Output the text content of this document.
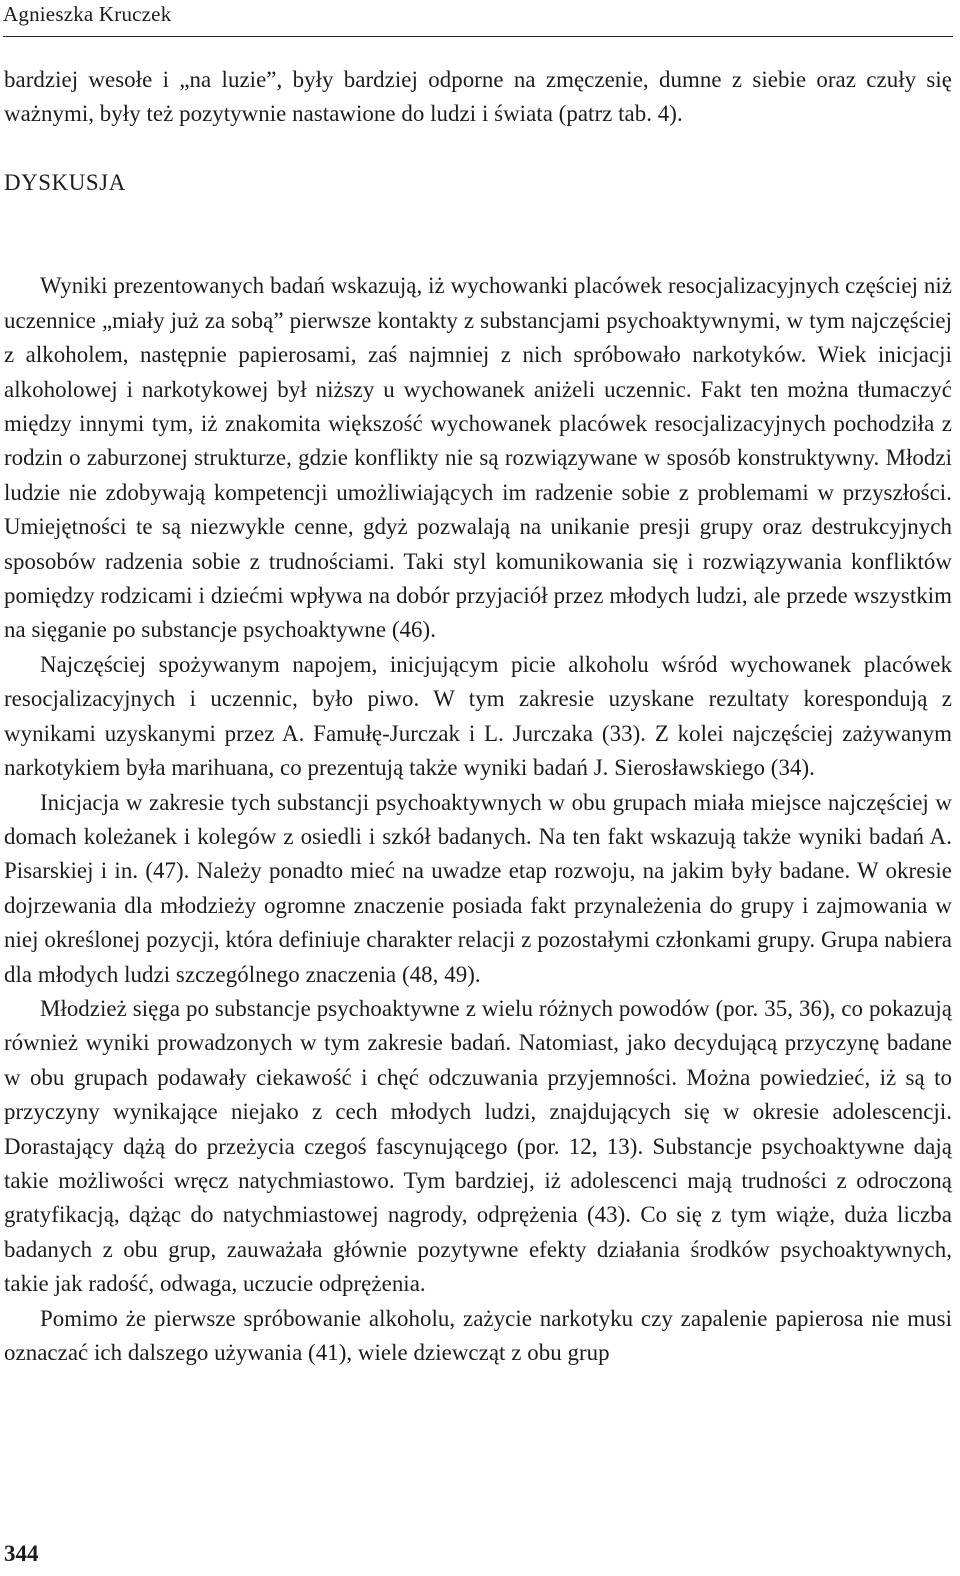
Agnieszka Kruczek

bardziej wesołe i „na luzie”, były bardziej odporne na zmęczenie, dumne z siebie oraz czuły się ważnymi, były też pozytywnie nastawione do ludzi i świata (patrz tab. 4).

DYSKUSJA

Wyniki prezentowanych badań wskazują, iż wychowanki placówek resocjalizacyjnych częściej niż uczennice „miały już za sobą” pierwsze kontakty z substancjami psychoaktywnymi, w tym najczęściej z alkoholem, następnie papierosami, zaś najmniej z nich spróbowało narkotyków. Wiek inicjacji alkoholowej i narkotykowej był niższy u wychowanek aniżeli uczennic. Fakt ten można tłumaczyć między innymi tym, iż znakomita większość wychowanek placówek resocjalizacyjnych pochodziła z rodzin o zaburzonej strukturze, gdzie konflikty nie są rozwiązywane w sposób konstruktywny. Młodzi ludzie nie zdobywają kompetencji umożliwiających im radzenie sobie z problemami w przyszłości. Umiejętności te są niezwykle cenne, gdyż pozwalają na unikanie presji grupy oraz destrukcyjnych sposobów radzenia sobie z trudnościami. Taki styl komunikowania się i rozwiązywania konfliktów pomiędzy rodzicami i dziećmi wpływa na dobór przyjaciół przez młodych ludzi, ale przede wszystkim na sięganie po substancje psychoaktywne (46).

Najczęściej spożywanym napojem, inicjującym picie alkoholu wśród wychowanek placówek resocjalizacyjnych i uczennic, było piwo. W tym zakresie uzyskane rezultaty korespondują z wynikami uzyskanymi przez A. Famułę-Jurczak i L. Jurczaka (33). Z kolei najczęściej zażywanym narkotykiem była marihuana, co prezentują także wyniki badań J. Sierosławskiego (34).

Inicjacja w zakresie tych substancji psychoaktywnych w obu grupach miała miejsce najczęściej w domach koleżanek i kolegów z osiedli i szkół badanych. Na ten fakt wskazują także wyniki badań A. Pisarskiej i in. (47). Należy ponadto mieć na uwadze etap rozwoju, na jakim były badane. W okresie dojrzewania dla młodzieży ogromne znaczenie posiada fakt przynależenia do grupy i zajmowania w niej określonej pozycji, która definiuje charakter relacji z pozostałymi członkami grupy. Grupa nabiera dla młodych ludzi szczególnego znaczenia (48, 49).

Młodzież sięga po substancje psychoaktywne z wielu różnych powodów (por. 35, 36), co pokazują również wyniki prowadzonych w tym zakresie badań. Natomiast, jako decydującą przyczynę badane w obu grupach podawały ciekawość i chęć odczuwania przyjemności. Można powiedzieć, iż są to przyczyny wynikające niejako z cech młodych ludzi, znajdujących się w okresie adolescencji. Dorastający dążą do przeżycia czegoś fascynującego (por. 12, 13). Substancje psychoaktywne dają takie możliwości wręcz natychmiastowo. Tym bardziej, iż adolescenci mają trudności z odroczoną gratyfikacją, dążąc do natychmiastowej nagrody, odprężenia (43). Co się z tym wiąże, duża liczba badanych z obu grup, zauważała głównie pozytywne efekty działania środków psychoaktywnych, takie jak radość, odwaga, uczucie odprężenia.

Pomimo że pierwsze spróbowanie alkoholu, zażycie narkotyku czy zapalenie papierosa nie musi oznaczać ich dalszego używania (41), wiele dziewcząt z obu grup

344
